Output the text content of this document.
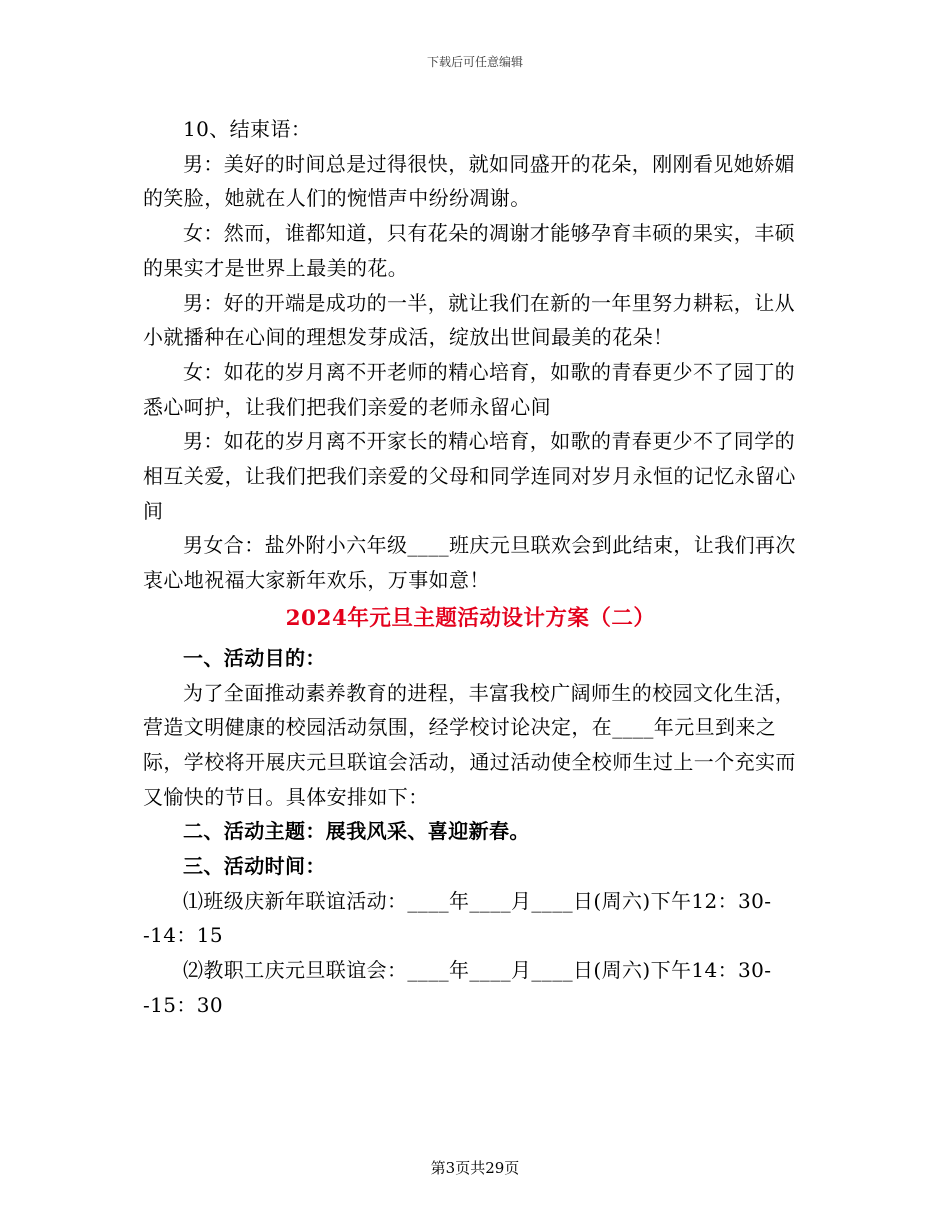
下载后可任意编辑

10、结束语：

男：美好的时间总是过得很快，就如同盛开的花朵，刚刚看见她娇媚的笑脸，她就在人们的惋惜声中纷纷凋谢。

女：然而，谁都知道，只有花朵的凋谢才能够孕育丰硕的果实，丰硕的果实才是世界上最美的花。

男：好的开端是成功的一半，就让我们在新的一年里努力耕耘，让从小就播种在心间的理想发芽成活，绽放出世间最美的花朵！

女：如花的岁月离不开老师的精心培育，如歌的青春更少不了园丁的悉心呵护，让我们把我们亲爱的老师永留心间

男：如花的岁月离不开家长的精心培育，如歌的青春更少不了同学的相互关爱，让我们把我们亲爱的父母和同学连同对岁月永恒的记忆永留心间

男女合：盐外附小六年级____班庆元旦联欢会到此结束，让我们再次衷心地祝福大家新年欢乐，万事如意！

2024年元旦主题活动设计方案（二）

一、活动目的：

为了全面推动素养教育的进程，丰富我校广阔师生的校园文化生活，营造文明健康的校园活动氛围，经学校讨论决定，在____年元旦到来之际，学校将开展庆元旦联谊会活动，通过活动使全校师生过上一个充实而又愉快的节日。具体安排如下：

二、活动主题：展我风采、喜迎新春。

三、活动时间：

⑴班级庆新年联谊活动：____年____月____日(周六)下午12：30--14：15

⑵教职工庆元旦联谊会：____年____月____日(周六)下午14：30--15：30

第3页共29页
